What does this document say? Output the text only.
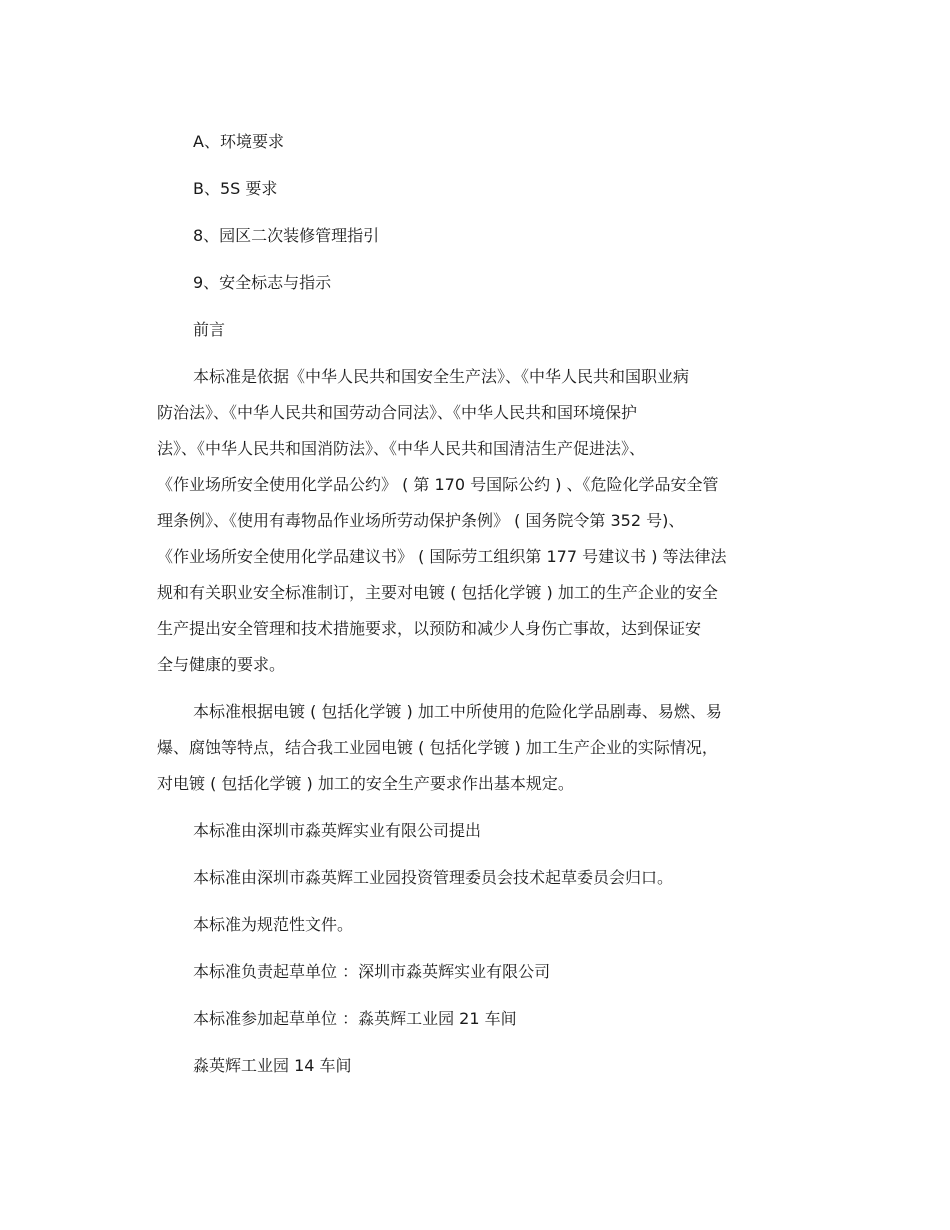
A、环境要求

B、5S 要求

8、园区二次装修管理指引

9、安全标志与指示

前言

本标准是依据《中华人民共和国安全生产法》、《中华人民共和国职业病

防治法》、《中华人民共和国劳动合同法》、《中华人民共和国环境保护

法》、《中华人民共和国消防法》、《中华人民共和国清洁生产促进法》、

《作业场所安全使用化学品公约》 ( 第 170 号国际公约 ) 、《危险化学品安全管

理条例》、《使用有毒物品作业场所劳动保护条例》 ( 国务院令第 352 号)、

《作业场所安全使用化学品建议书》 ( 国际劳工组织第 177 号建议书 ) 等法律法

规和有关职业安全标准制订，主要对电镀 ( 包括化学镀 ) 加工的生产企业的安全

生产提出安全管理和技术措施要求，以预防和减少人身伤亡事故，达到保证安

全与健康的要求。

本标准根据电镀 ( 包括化学镀 ) 加工中所使用的危险化学品剧毒、易燃、易

爆、腐蚀等特点，结合我工业园电镀 ( 包括化学镀 ) 加工生产企业的实际情况，

对电镀 ( 包括化学镀 ) 加工的安全生产要求作出基本规定。

本标准由深圳市淼英辉实业有限公司提出

本标准由深圳市淼英辉工业园投资管理委员会技术起草委员会归口。

本标准为规范性文件。

本标准负责起草单位 ：深圳市淼英辉实业有限公司

本标准参加起草单位 ：淼英辉工业园 21 车间

淼英辉工业园 14 车间
